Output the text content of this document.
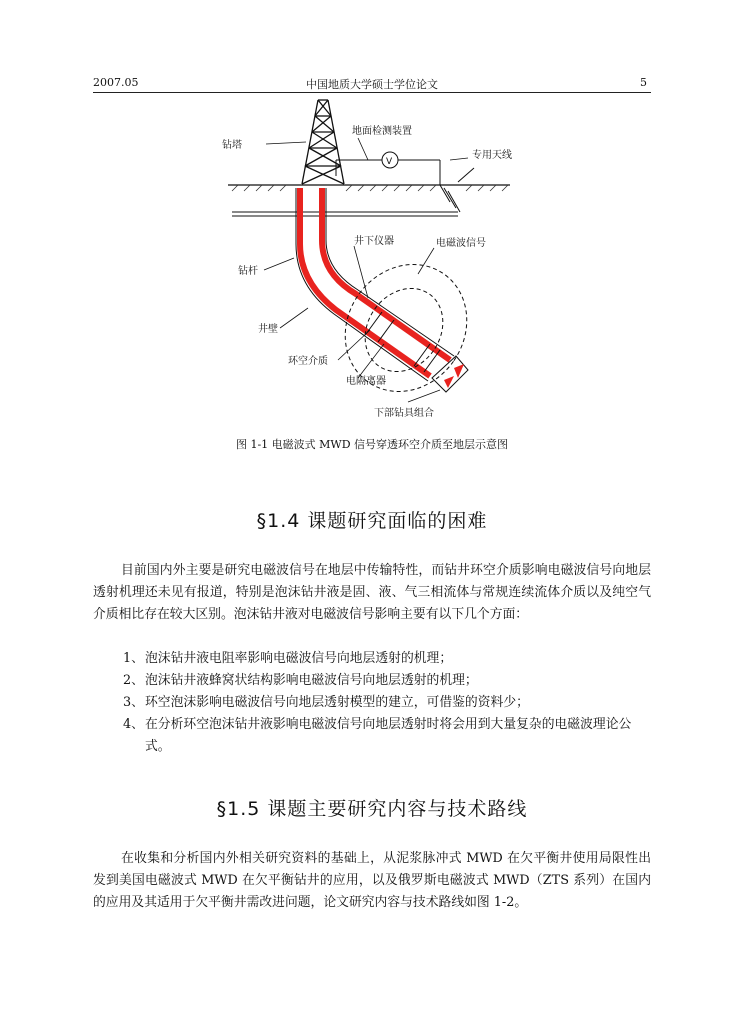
2007.05	中国地质大学硕士学位论文	5
V
钻塔
地面检测装置
专用天线
井下仪器	电磁波信号
钻杆
井壁
环空介质
电隔离器
下部钻具组合
图 1-1 电磁波式 MWD 信号穿透环空介质至地层示意图
§1.4 课题研究面临的困难

目前国内外主要是研究电磁波信号在地层中传输特性，而钻井环空介质影响电磁波信号向地层透射机理还未见有报道，特别是泡沫钻井液是固、液、气三相流体与常规连续流体介质以及纯空气介质相比存在较大区别。泡沫钻井液对电磁波信号影响主要有以下几个方面：

1、 泡沫钻井液电阻率影响电磁波信号向地层透射的机理；
2、 泡沫钻井液蜂窝状结构影响电磁波信号向地层透射的机理；
3、 环空泡沫影响电磁波信号向地层透射模型的建立，可借鉴的资料少；
4、 在分析环空泡沫钻井液影响电磁波信号向地层透射时将会用到大量复杂的电磁波理论公式。
§1.5 课题主要研究内容与技术路线

在收集和分析国内外相关研究资料的基础上，从泥浆脉冲式 MWD 在欠平衡井使用局限性出发到美国电磁波式 MWD 在欠平衡钻井的应用，以及俄罗斯电磁波式 MWD（ZTS 系列）在国内的应用及其适用于欠平衡井需改进问题，论文研究内容与技术路线如图 1-2。
